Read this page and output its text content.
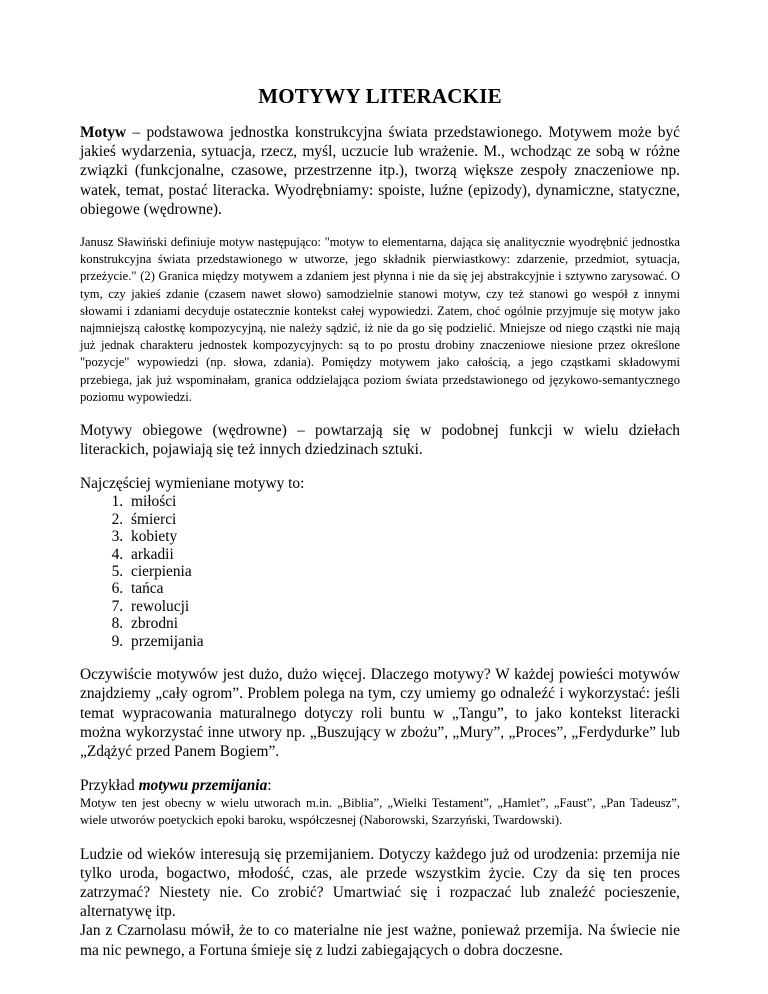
MOTYWY LITERACKIE

Motyw – podstawowa jednostka konstrukcyjna świata przedstawionego. Motywem może być jakieś wydarzenia, sytuacja, rzecz, myśl, uczucie lub wrażenie. M., wchodząc ze sobą w różne związki (funkcjonalne, czasowe, przestrzenne itp.), tworzą większe zespoły znaczeniowe np. watek, temat, postać literacka. Wyodrębniamy: spoiste, luźne (epizody), dynamiczne, statyczne, obiegowe (wędrowne).

Janusz Sławiński definiuje motyw następująco: "motyw to elementarna, dająca się analitycznie wyodrębnić jednostka konstrukcyjna świata przedstawionego w utworze, jego składnik pierwiastkowy: zdarzenie, przedmiot, sytuacja, przeżycie." (2) Granica między motywem a zdaniem jest płynna i nie da się jej abstrakcyjnie i sztywno zarysować. O tym, czy jakieś zdanie (czasem nawet słowo) samodzielnie stanowi motyw, czy też stanowi go wespół z innymi słowami i zdaniami decyduje ostatecznie kontekst całej wypowiedzi. Zatem, choć ogólnie przyjmuje się motyw jako najmniejszą całostkę kompozycyjną, nie należy sądzić, iż nie da go się podzielić. Mniejsze od niego cząstki nie mają już jednak charakteru jednostek kompozycyjnych: są to po prostu drobiny znaczeniowe niesione przez określone "pozycje" wypowiedzi (np. słowa, zdania). Pomiędzy motywem jako całością, a jego cząstkami składowymi przebiega, jak już wspominałam, granica oddzielająca poziom świata przedstawionego od językowo-semantycznego poziomu wypowiedzi.

Motywy obiegowe (wędrowne) – powtarzają się w podobnej funkcji w wielu dziełach literackich, pojawiają się też innych dziedzinach sztuki.

Najczęściej wymieniane motywy to:
1. miłości
2. śmierci
3. kobiety
4. arkadii
5. cierpienia
6. tańca
7. rewolucji
8. zbrodni
9. przemijania

Oczywiście motywów jest dużo, dużo więcej. Dlaczego motywy? W każdej powieści motywów znajdziemy „cały ogrom”. Problem polega na tym, czy umiemy go odnaleźć i wykorzystać: jeśli temat wypracowania maturalnego dotyczy roli buntu w „Tangu”, to jako kontekst literacki można wykorzystać inne utwory np. „Buszujący w zbożu”, „Mury”, „Proces”, „Ferdydurke” lub „Zdążyć przed Panem Bogiem”.

Przykład motywu przemijania:

Motyw ten jest obecny w wielu utworach m.in. „Biblia”, „Wielki Testament”, „Hamlet”, „Faust”, „Pan Tadeusz”, wiele utworów poetyckich epoki baroku, współczesnej (Naborowski, Szarzyński, Twardowski).

Ludzie od wieków interesują się przemijaniem. Dotyczy każdego już od urodzenia: przemija nie tylko uroda, bogactwo, młodość, czas, ale przede wszystkim życie. Czy da się ten proces zatrzymać? Niestety nie. Co zrobić? Umartwiać się i rozpaczać lub znaleźć pocieszenie, alternatywę itp.

Jan z Czarnolasu mówił, że to co materialne nie jest ważne, ponieważ przemija. Na świecie nie ma nic pewnego, a Fortuna śmieje się z ludzi zabiegających o dobra doczesne.
